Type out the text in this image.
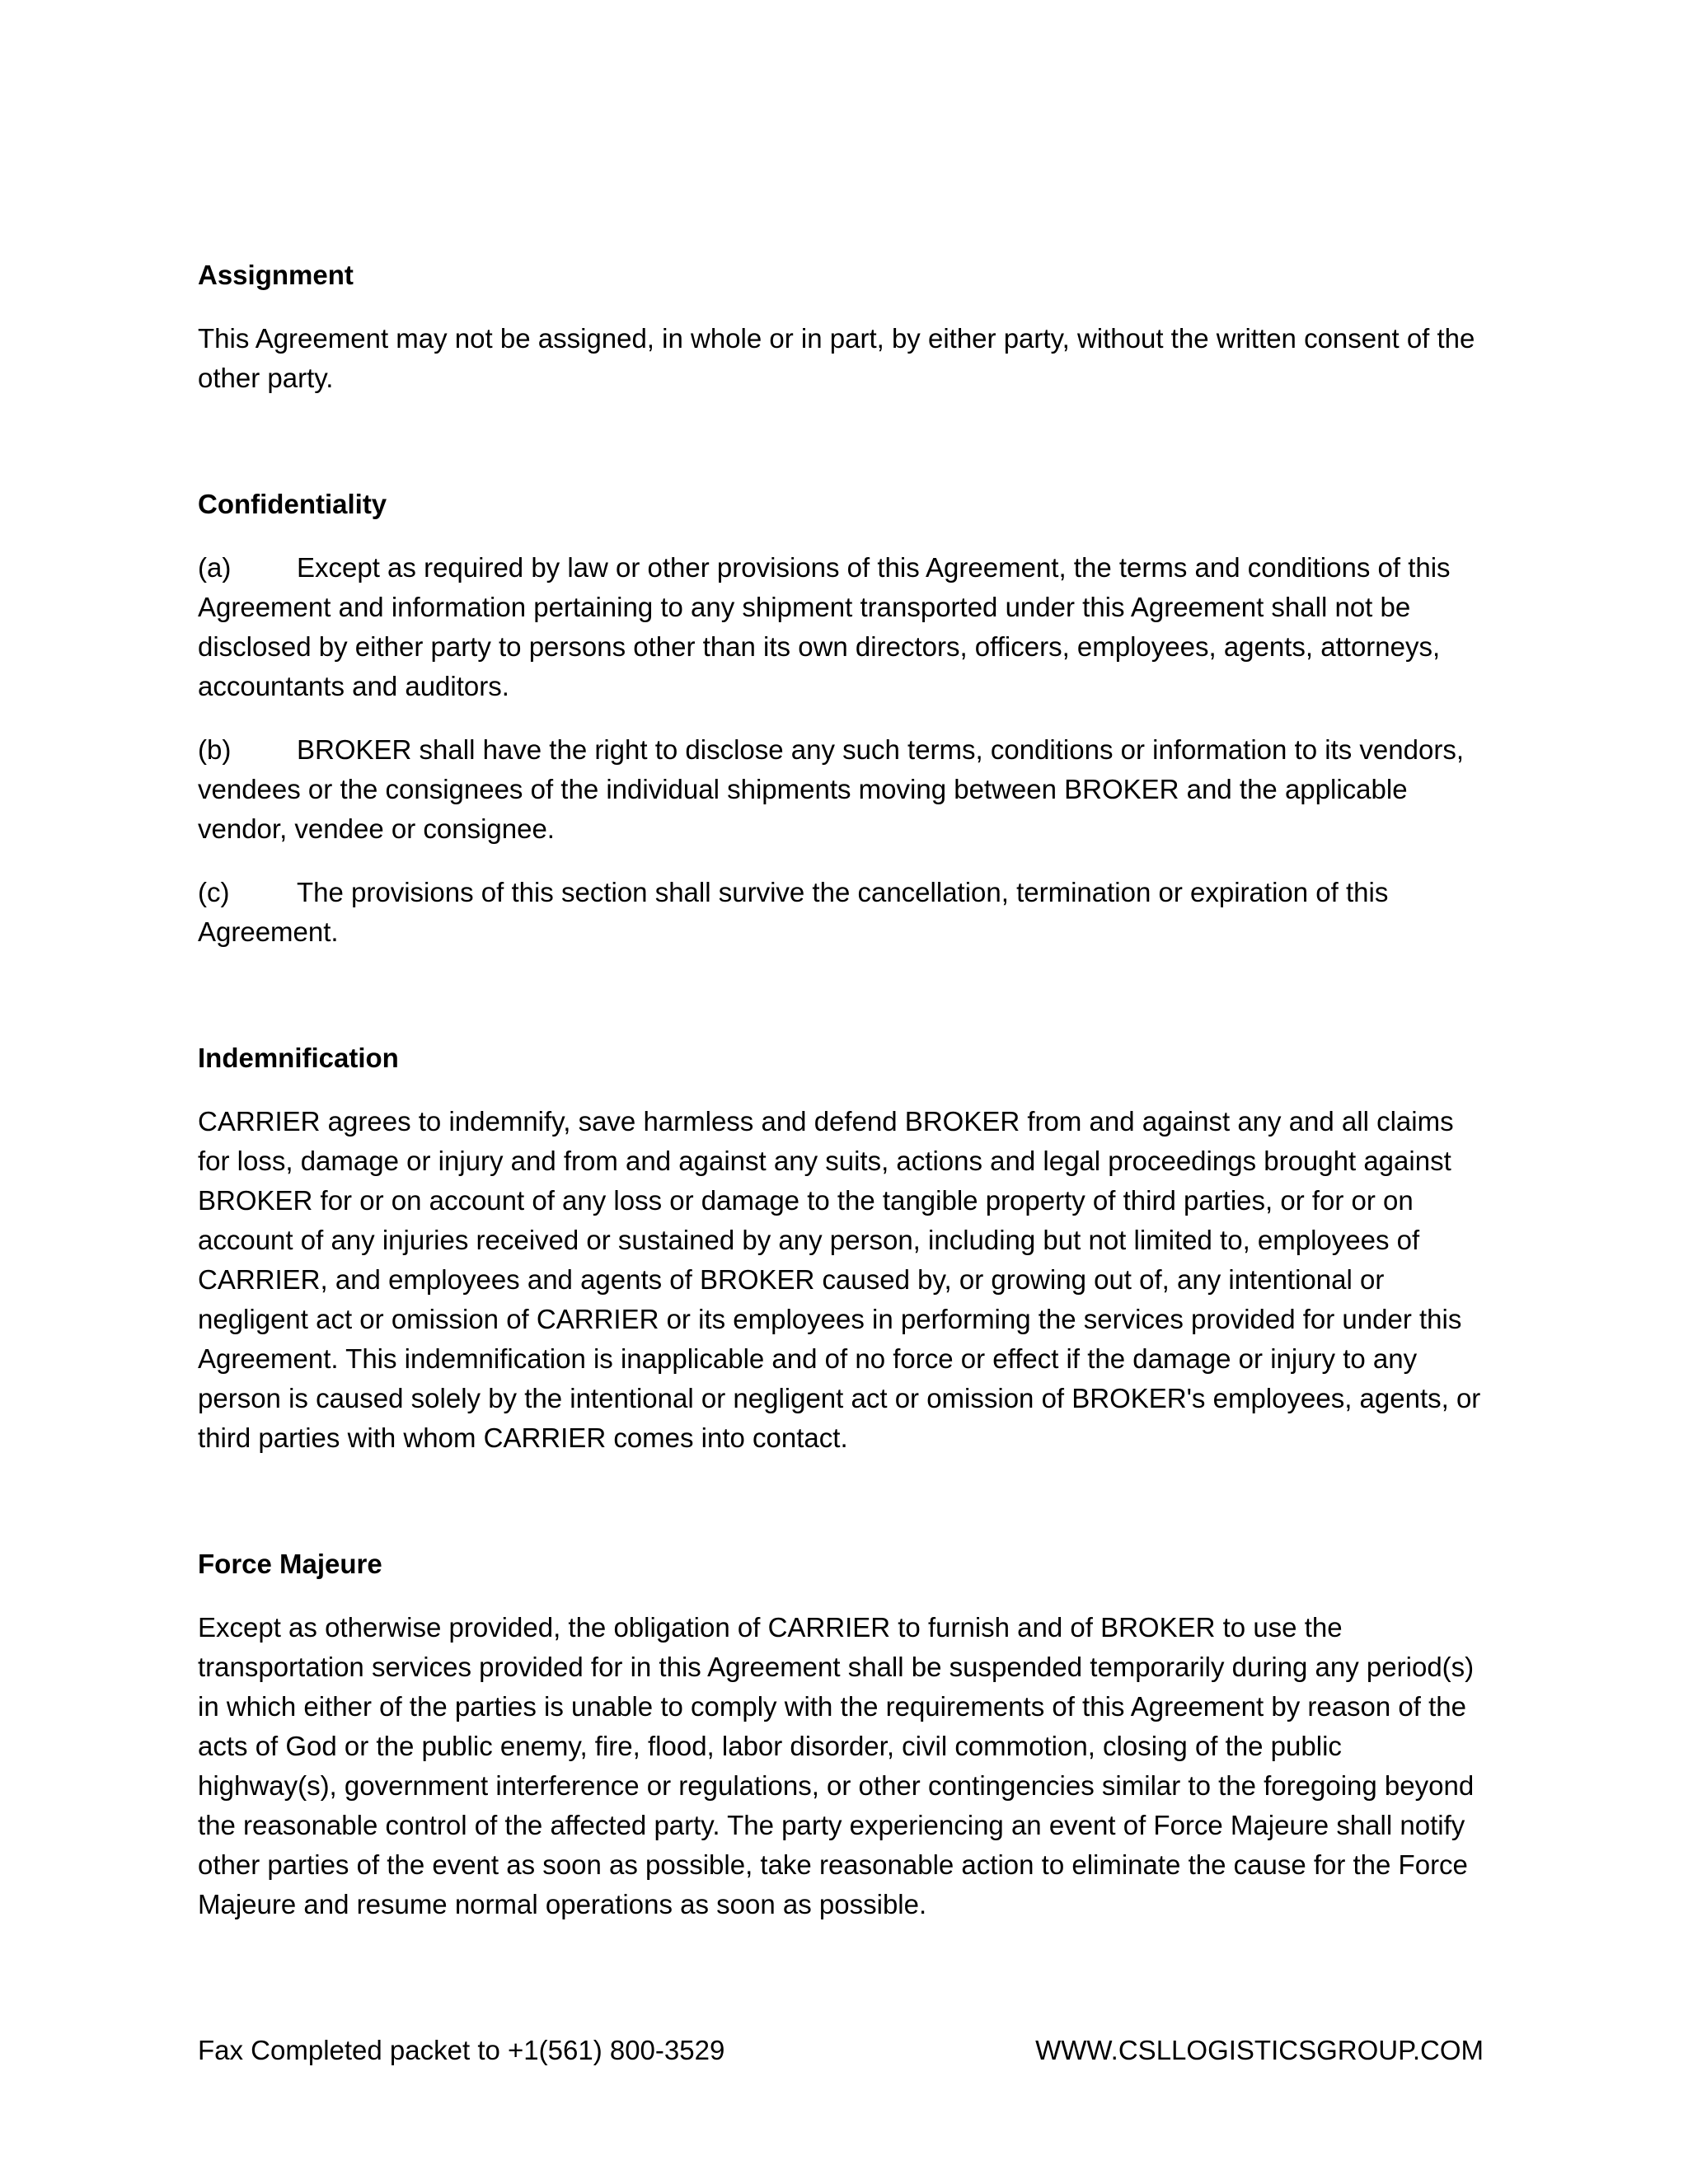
Assignment

This Agreement may not be assigned, in whole or in part, by either party, without the written consent of the other party.

Confidentiality

(a) Except as required by law or other provisions of this Agreement, the terms and conditions of this Agreement and information pertaining to any shipment transported under this Agreement shall not be disclosed by either party to persons other than its own directors, officers, employees, agents, attorneys, accountants and auditors.

(b) BROKER shall have the right to disclose any such terms, conditions or information to its vendors, vendees or the consignees of the individual shipments moving between BROKER and the applicable vendor, vendee or consignee.

(c) The provisions of this section shall survive the cancellation, termination or expiration of this Agreement.

Indemnification

CARRIER agrees to indemnify, save harmless and defend BROKER from and against any and all claims for loss, damage or injury and from and against any suits, actions and legal proceedings brought against BROKER for or on account of any loss or damage to the tangible property of third parties, or for or on account of any injuries received or sustained by any person, including but not limited to, employees of CARRIER, and employees and agents of BROKER caused by, or growing out of, any intentional or negligent act or omission of CARRIER or its employees in performing the services provided for under this Agreement. This indemnification is inapplicable and of no force or effect if the damage or injury to any person is caused solely by the intentional or negligent act or omission of BROKER's employees, agents, or third parties with whom CARRIER comes into contact.

Force Majeure

Except as otherwise provided, the obligation of CARRIER to furnish and of BROKER to use the transportation services provided for in this Agreement shall be suspended temporarily during any period(s) in which either of the parties is unable to comply with the requirements of this Agreement by reason of the acts of God or the public enemy, fire, flood, labor disorder, civil commotion, closing of the public highway(s), government interference or regulations, or other contingencies similar to the foregoing beyond the reasonable control of the affected party. The party experiencing an event of Force Majeure shall notify other parties of the event as soon as possible, take reasonable action to eliminate the cause for the Force Majeure and resume normal operations as soon as possible.

Fax Completed packet to +1(561) 800-3529	WWW.CSLLOGISTICSGROUP.COM
